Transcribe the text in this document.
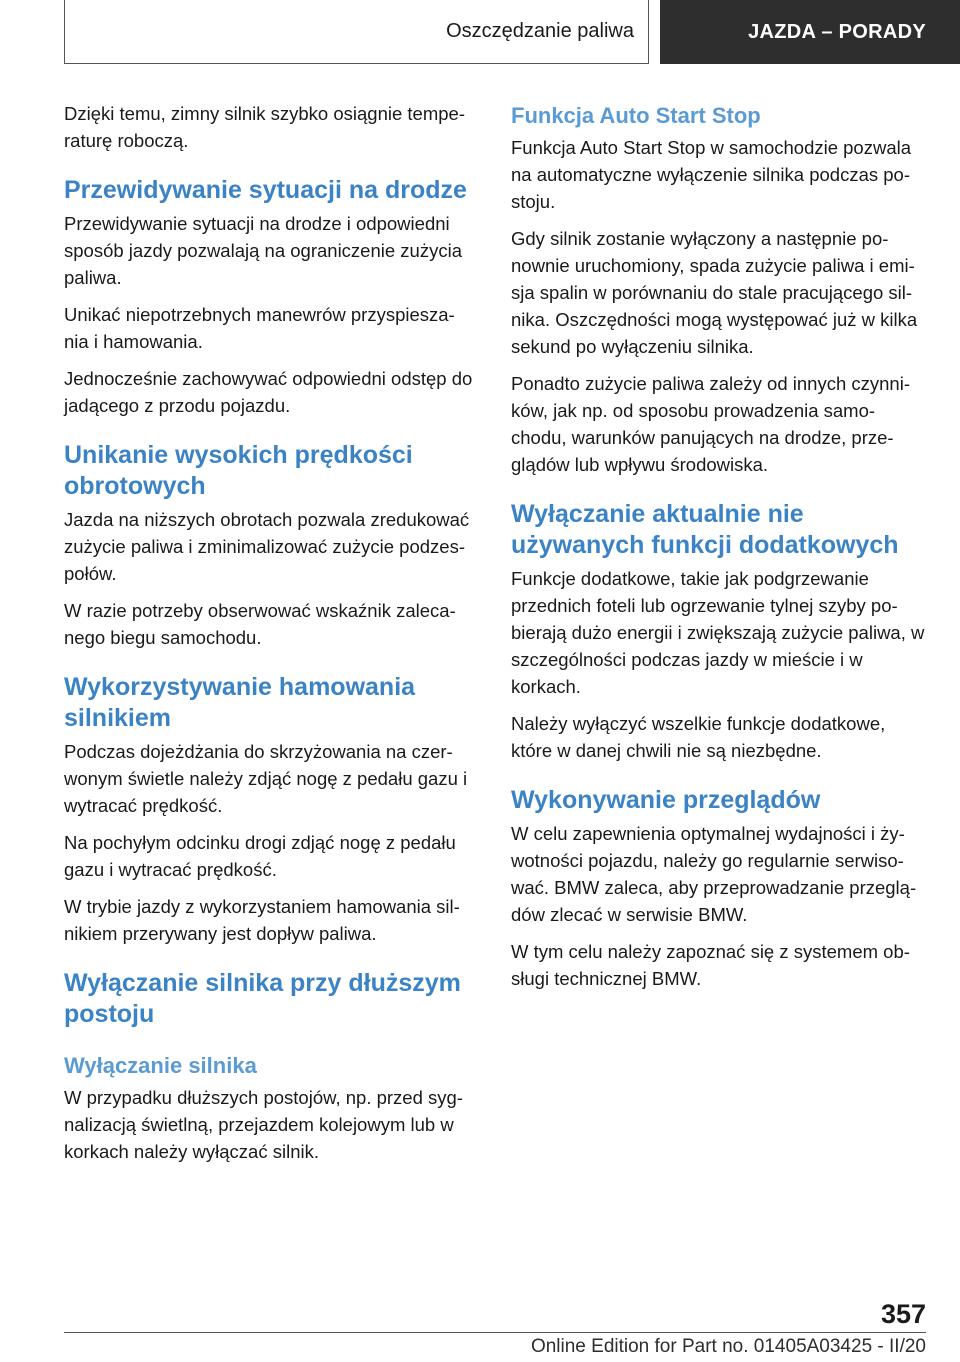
Oszczędzanie paliwa	JAZDA – PORADY

Dzięki temu, zimny silnik szybko osiągnie tempe- raturę roboczą.

Przewidywanie sytuacji na drodze

Przewidywanie sytuacji na drodze i odpowiedni sposób jazdy pozwalają na ograniczenie zużycia paliwa.

Unikać niepotrzebnych manewrów przyspiesza- nia i hamowania.

Jednocześnie zachowywać odpowiedni odstęp do jadącego z przodu pojazdu.

Unikanie wysokich prędkości obrotowych

Jazda na niższych obrotach pozwala zredukować zużycie paliwa i zminimalizować zużycie podzes- połów.

W razie potrzeby obserwować wskaźnik zaleca- nego biegu samochodu.

Wykorzystywanie hamowania silnikiem

Podczas dojeżdżania do skrzyżowania na czer- wonym świetle należy zdjąć nogę z pedału gazu i wytracać prędkość.

Na pochyłym odcinku drogi zdjąć nogę z pedału gazu i wytracać prędkość.

W trybie jazdy z wykorzystaniem hamowania sil- nikiem przerywany jest dopływ paliwa.

Wyłączanie silnika przy dłuższym postoju
Wyłączanie silnika

W przypadku dłuższych postojów, np. przed syg- nalizacją świetlną, przejazdem kolejowym lub w korkach należy wyłączać silnik.

Funkcja Auto Start Stop

Funkcja Auto Start Stop w samochodzie pozwala na automatyczne wyłączenie silnika podczas po- stoju.

Gdy silnik zostanie wyłączony a następnie po- nownie uruchomiony, spada zużycie paliwa i emi- sja spalin w porównaniu do stale pracującego sil- nika. Oszczędności mogą występować już w kilka sekund po wyłączeniu silnika.

Ponadto zużycie paliwa zależy od innych czynni- ków, jak np. od sposobu prowadzenia samo- chodu, warunków panujących na drodze, prze- glądów lub wpływu środowiska.

Wyłączanie aktualnie nie używanych funkcji dodatkowych

Funkcje dodatkowe, takie jak podgrzewanie przednich foteli lub ogrzewanie tylnej szyby po- bierają dużo energii i zwiększają zużycie paliwa, w szczególności podczas jazdy w mieście i w korkach.

Należy wyłączyć wszelkie funkcje dodatkowe, które w danej chwili nie są niezbędne.

Wykonywanie przeglądów

W celu zapewnienia optymalnej wydajności i ży- wotności pojazdu, należy go regularnie serwiso- wać. BMW zaleca, aby przeprowadzanie przeglą- dów zlecać w serwisie BMW.

W tym celu należy zapoznać się z systemem ob- sługi technicznej BMW.

357
Online Edition for Part no. 01405A03425 - II/20
